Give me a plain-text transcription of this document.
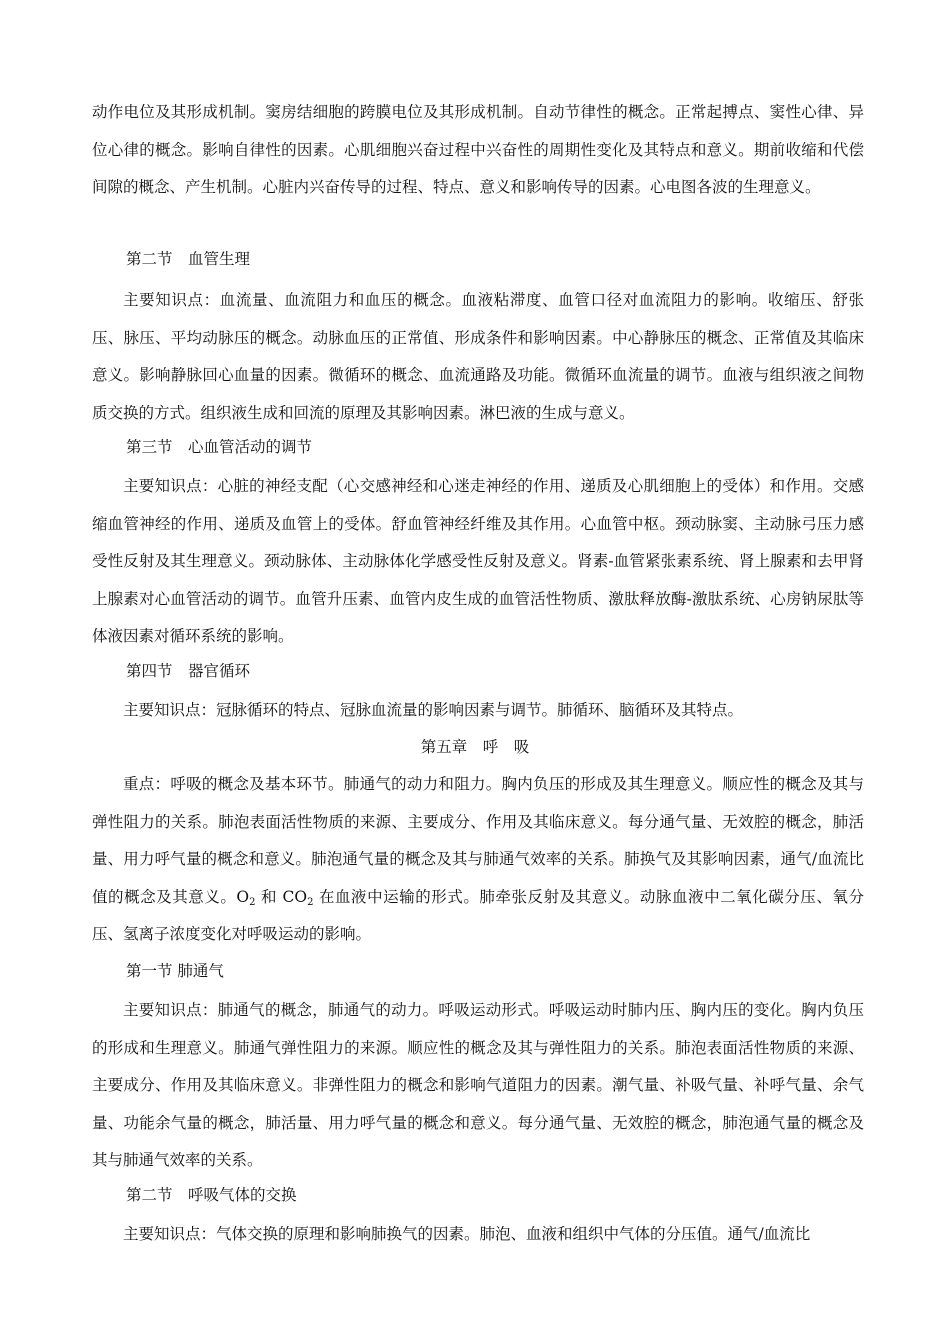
动作电位及其形成机制。窦房结细胞的跨膜电位及其形成机制。自动节律性的概念。正常起搏点、窦性心律、异位心律的概念。影响自律性的因素。心肌细胞兴奋过程中兴奋性的周期性变化及其特点和意义。期前收缩和代偿间隙的概念、产生机制。心脏内兴奋传导的过程、特点、意义和影响传导的因素。心电图各波的生理意义。

第二节　血管生理

主要知识点：血流量、血流阻力和血压的概念。血液粘滞度、血管口径对血流阻力的影响。收缩压、舒张压、脉压、平均动脉压的概念。动脉血压的正常值、形成条件和影响因素。中心静脉压的概念、正常值及其临床意义。影响静脉回心血量的因素。微循环的概念、血流通路及功能。微循环血流量的调节。血液与组织液之间物质交换的方式。组织液生成和回流的原理及其影响因素。淋巴液的生成与意义。

第三节　心血管活动的调节

主要知识点：心脏的神经支配（心交感神经和心迷走神经的作用、递质及心肌细胞上的受体）和作用。交感缩血管神经的作用、递质及血管上的受体。舒血管神经纤维及其作用。心血管中枢。颈动脉窦、主动脉弓压力感受性反射及其生理意义。颈动脉体、主动脉体化学感受性反射及意义。肾素-血管紧张素系统、肾上腺素和去甲肾上腺素对心血管活动的调节。血管升压素、血管内皮生成的血管活性物质、激肽释放酶-激肽系统、心房钠尿肽等体液因素对循环系统的影响。

第四节　器官循环

主要知识点：冠脉循环的特点、冠脉血流量的影响因素与调节。肺循环、脑循环及其特点。

第五章　呼　吸

重点：呼吸的概念及基本环节。肺通气的动力和阻力。胸内负压的形成及其生理意义。顺应性的概念及其与弹性阻力的关系。肺泡表面活性物质的来源、主要成分、作用及其临床意义。每分通气量、无效腔的概念，肺活量、用力呼气量的概念和意义。肺泡通气量的概念及其与肺通气效率的关系。肺换气及其影响因素，通气/血流比值的概念及其意义。$O_2$ 和 $CO_2$ 在血液中运输的形式。肺牵张反射及其意义。动脉血液中二氧化碳分压、氧分压、氢离子浓度变化对呼吸运动的影响。

第一节 肺通气

主要知识点：肺通气的概念，肺通气的动力。呼吸运动形式。呼吸运动时肺内压、胸内压的变化。胸内负压的形成和生理意义。肺通气弹性阻力的来源。顺应性的概念及其与弹性阻力的关系。肺泡表面活性物质的来源、主要成分、作用及其临床意义。非弹性阻力的概念和影响气道阻力的因素。潮气量、补吸气量、补呼气量、余气量、功能余气量的概念，肺活量、用力呼气量的概念和意义。每分通气量、无效腔的概念，肺泡通气量的概念及其与肺通气效率的关系。

第二节　呼吸气体的交换

主要知识点：气体交换的原理和影响肺换气的因素。肺泡、血液和组织中气体的分压值。通气/血流比
